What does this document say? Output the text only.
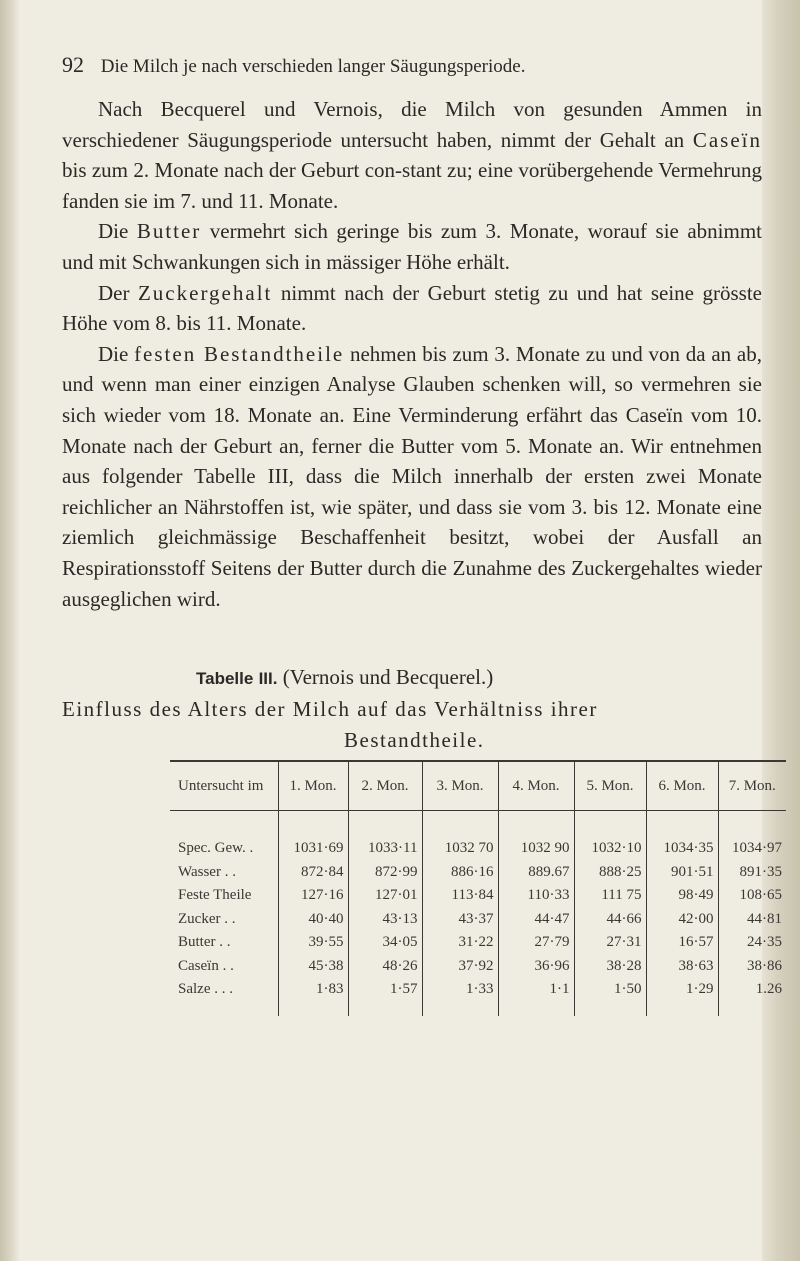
92 Die Milch je nach verschieden langer Säugungsperiode.

Nach Becquerel und Vernois, die Milch von gesunden Ammen in verschiedener Säugungsperiode untersucht haben, nimmt der Gehalt an Caseïn bis zum 2. Monate nach der Geburt con-stant zu; eine vorübergehende Vermehrung fanden sie im 7. und 11. Monate.

Die Butter vermehrt sich geringe bis zum 3. Monate, worauf sie abnimmt und mit Schwankungen sich in mässiger Höhe erhält.

Der Zuckergehalt nimmt nach der Geburt stetig zu und hat seine grösste Höhe vom 8. bis 11. Monate.

Die festen Bestandtheile nehmen bis zum 3. Monate zu und von da an ab, und wenn man einer einzigen Analyse Glauben schenken will, so vermehren sie sich wieder vom 18. Monate an. Eine Verminderung erfährt das Caseïn vom 10. Monate nach der Geburt an, ferner die Butter vom 5. Monate an. Wir entnehmen aus folgender Tabelle III, dass die Milch innerhalb der ersten zwei Monate reichlicher an Nährstoffen ist, wie später, und dass sie vom 3. bis 12. Monate eine ziemlich gleichmässige Beschaffenheit besitzt, wobei der Ausfall an Respirationsstoff Seitens der Butter durch die Zunahme des Zuckergehaltes wieder ausgeglichen wird.

Tabelle III. (Vernois und Becquerel.)
Einfluss des Alters der Milch auf das Verhältniss ihrer
Bestandtheile.
Untersucht im	1. Mon.	2. Mon.	3. Mon.	4. Mon.	5. Mon.	6. Mon.	7. Mon.
Spec. Gew. .	1031·69	1033·11	1032 70	1032 90	1032·10	1034·35	1034·97
Wasser . .	872·84	872·99	886·16	889.67	888·25	901·51	891·35
Feste Theile	127·16	127·01	113·84	110·33	111 75	98·49	108·65
Zucker . .	40·40	43·13	43·37	44·47	44·66	42·00	44·81
Butter . .	39·55	34·05	31·22	27·79	27·31	16·57	24·35
Caseïn . .	45·38	48·26	37·92	36·96	38·28	38·63	38·86
Salze . . .	1·83	1·57	1·33	1·1	1·50	1·29	1.26
